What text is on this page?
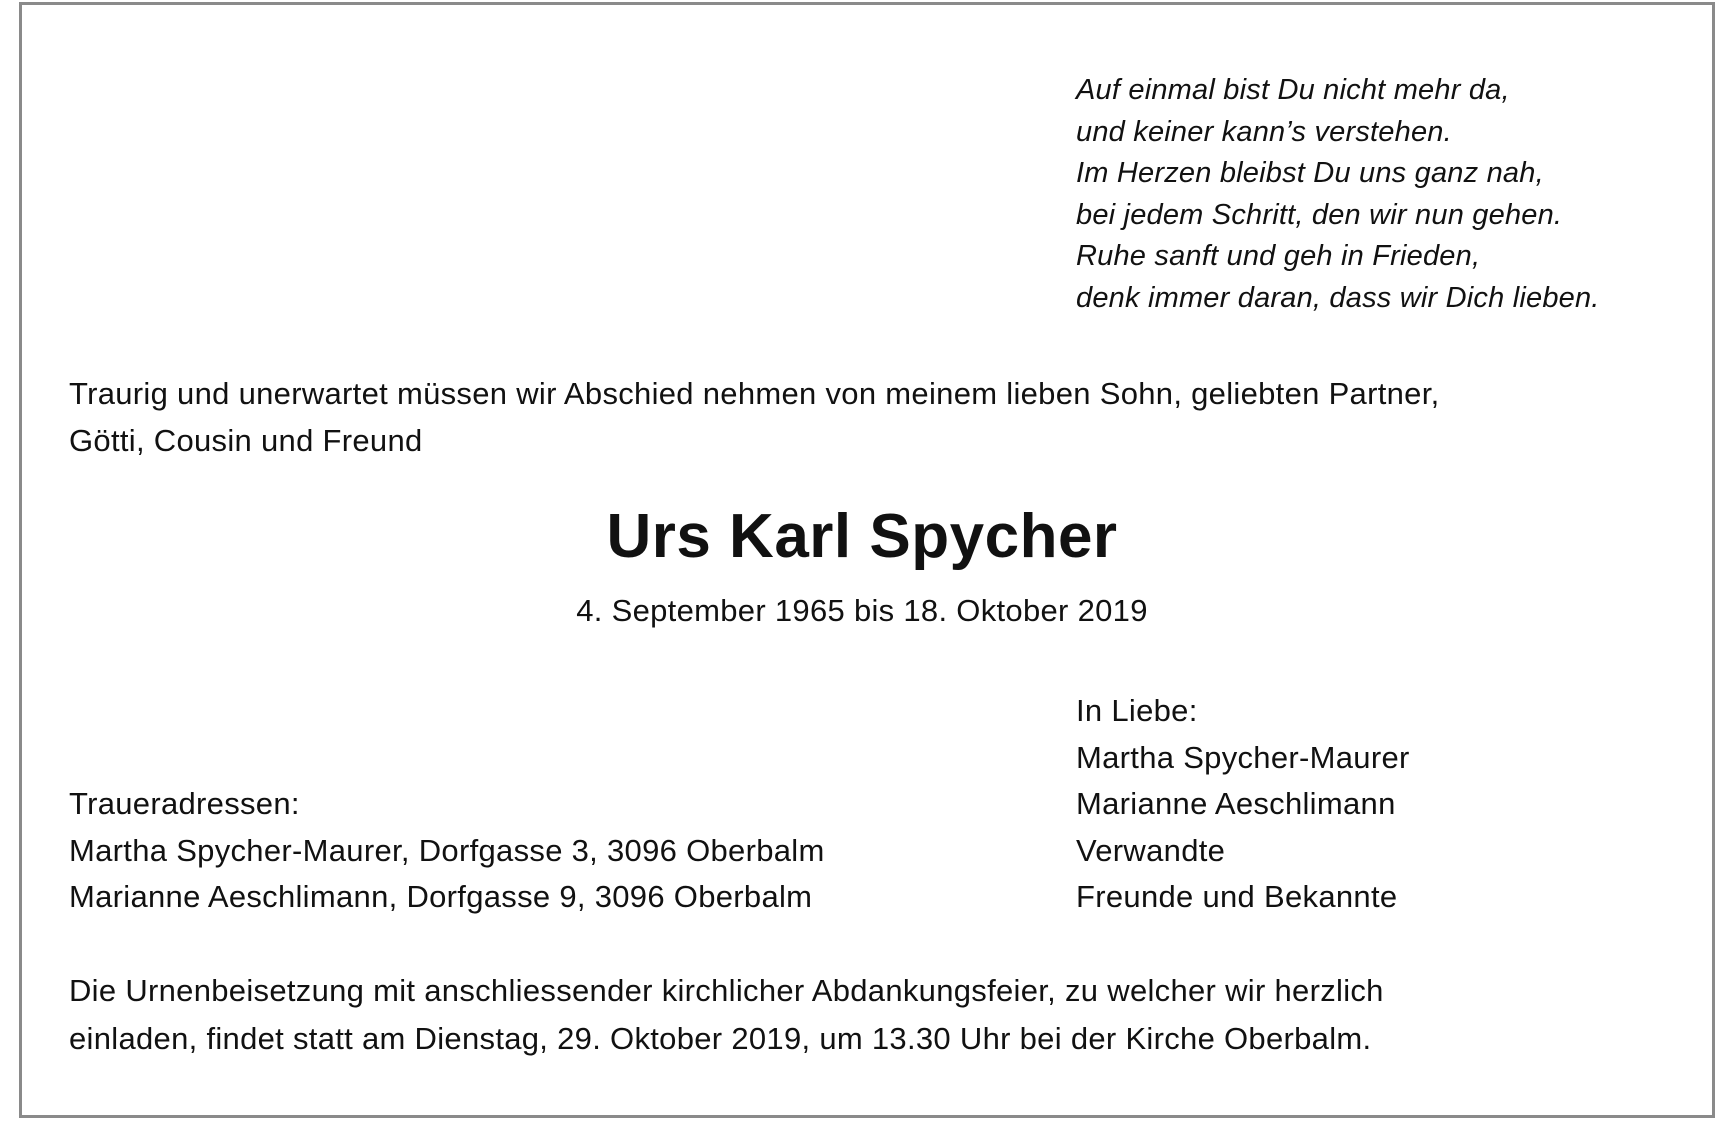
Auf einmal bist Du nicht mehr da,
und keiner kann’s verstehen.
Im Herzen bleibst Du uns ganz nah,
bei jedem Schritt, den wir nun gehen.
Ruhe sanft und geh in Frieden,
denk immer daran, dass wir Dich lieben.
Traurig und unerwartet müssen wir Abschied nehmen von meinem lieben Sohn, geliebten Partner,
Götti, Cousin und Freund
Urs Karl Spycher
4. September 1965 bis 18. Oktober 2019
In Liebe:
Martha Spycher-Maurer
Marianne Aeschlimann
Verwandte
Freunde und Bekannte
Traueradressen:
Martha Spycher-Maurer, Dorfgasse 3, 3096 Oberbalm
Marianne Aeschlimann, Dorfgasse 9, 3096 Oberbalm
Die Urnenbeisetzung mit anschliessender kirchlicher Abdankungsfeier, zu welcher wir herzlich
einladen, findet statt am Dienstag, 29. Oktober 2019, um 13.30 Uhr bei der Kirche Oberbalm.
